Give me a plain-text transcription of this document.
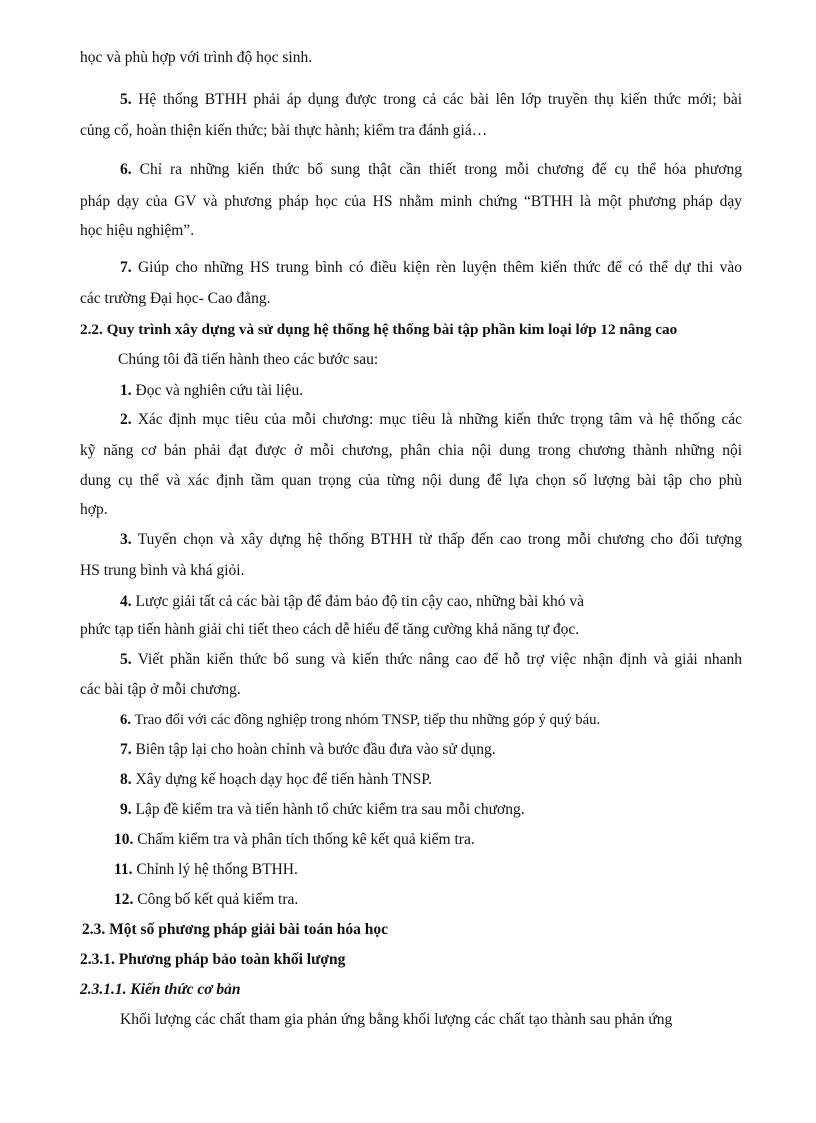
học và phù hợp với trình độ học sinh.
5. Hệ thống BTHH phải áp dụng được trong cả các bài lên lớp truyền thụ kiến thức mới; bài
củng cố, hoàn thiện kiến thức; bài thực hành; kiểm tra đánh giá…
6. Chỉ ra những kiến thức bổ sung thật cần thiết trong mỗi chương để cụ thể hóa phương
pháp dạy của GV và phương pháp học của HS nhằm minh chứng “BTHH là một phương pháp dạy
học hiệu nghiệm”.
7. Giúp cho những HS trung bình có điều kiện rèn luyện thêm kiến thức để có thể dự thi vào
các trường Đại học- Cao đẳng.
2.2. Quy trình xây dựng và sử dụng hệ thống hệ thống bài tập phần kim loại lớp 12 nâng cao
Chúng tôi đã tiến hành theo các bước sau:
1. Đọc và nghiên cứu tài liệu.
2. Xác định mục tiêu của mỗi chương: mục tiêu là những kiến thức trọng tâm và hệ thống các
kỹ năng cơ bản phải đạt được ở mỗi chương, phân chia nội dung trong chương thành những nội
dung cụ thể và xác định tầm quan trọng của từng nội dung để lựa chọn số lượng bài tập cho phù
hợp.
3. Tuyển chọn và xây dựng hệ thống BTHH từ thấp đến cao trong mỗi chương cho đối tượng
HS trung bình và khá giỏi.
4. Lược giải tất cả các bài tập để đảm bảo độ tin cậy cao, những bài khó và
phức tạp tiến hành giải chi tiết theo cách dễ hiểu để tăng cường khả năng tự đọc.
5. Viết phần kiến thức bổ sung và kiến thức nâng cao để hỗ trợ việc nhận định và giải nhanh
các bài tập ở mỗi chương.
6. Trao đổi với các đồng nghiệp trong nhóm TNSP, tiếp thu những góp ý quý báu.
7. Biên tập lại cho hoàn chỉnh và bước đầu đưa vào sử dụng.
8. Xây dựng kế hoạch dạy học để tiến hành TNSP.
9. Lập đề kiểm tra và tiến hành tổ chức kiểm tra sau mỗi chương.
10. Chấm kiểm tra và phân tích thống kê kết quả kiểm tra.
11. Chỉnh lý hệ thống BTHH.
12. Công bố kết quả kiểm tra.
2.3. Một số phương pháp giải bài toán hóa học
2.3.1. Phương pháp bảo toàn khối lượng
2.3.1.1. Kiến thức cơ bản
Khối lượng các chất tham gia phản ứng bằng khối lượng các chất tạo thành sau phản ứng
